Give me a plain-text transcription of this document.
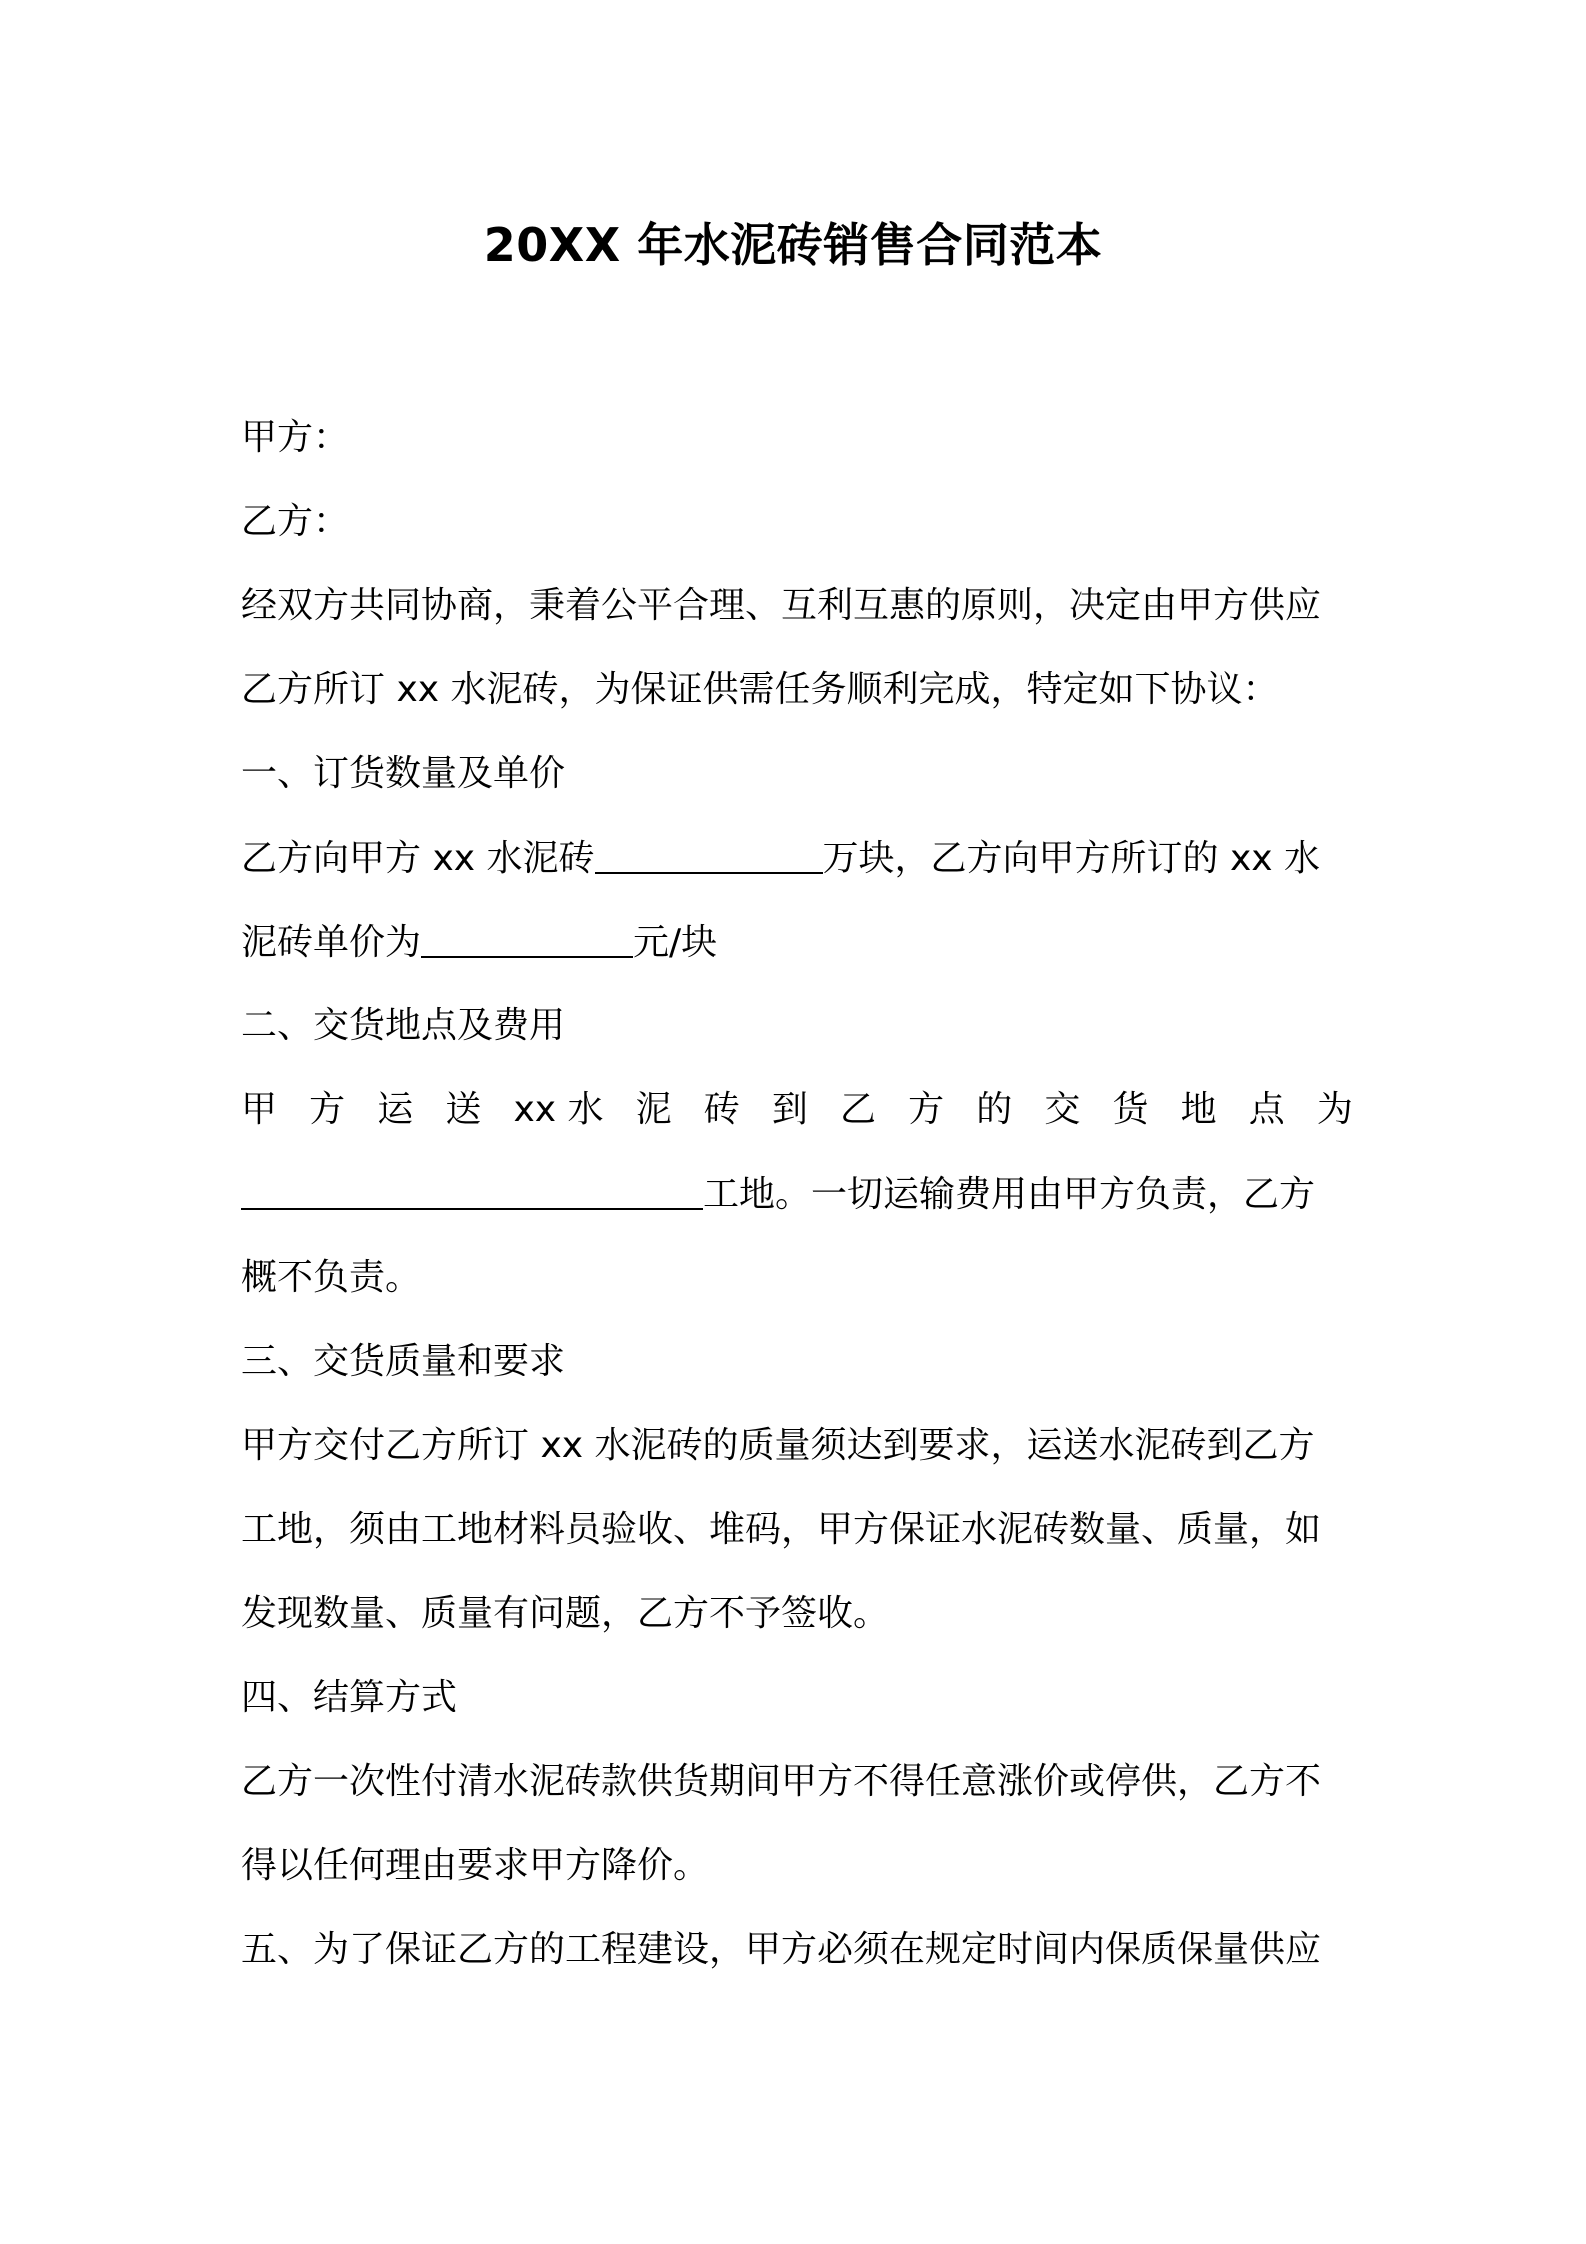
20XX 年水泥砖销售合同范本
甲方：
乙方：
经双方共同协商，秉着公平合理、互利互惠的原则，决定由甲方供应
乙方所订 xx 水泥砖，为保证供需任务顺利完成，特定如下协议：
一、订货数量及单价
乙方向甲方 xx 水泥砖	万块，乙方向甲方所订的 xx 水
泥砖单价为	元/块
二、交货地点及费用
甲 方 运 送 xx 水 泥 砖 到 乙 方 的 交 货 地 点 为
工地。一切运输费用由甲方负责，乙方
概不负责。
三、交货质量和要求
甲方交付乙方所订 xx 水泥砖的质量须达到要求，运送水泥砖到乙方
工地，须由工地材料员验收、堆码，甲方保证水泥砖数量、质量，如
发现数量、质量有问题，乙方不予签收。
四、结算方式
乙方一次性付清水泥砖款供货期间甲方不得任意涨价或停供，乙方不
得以任何理由要求甲方降价。
五、为了保证乙方的工程建设，甲方必须在规定时间内保质保量供应
